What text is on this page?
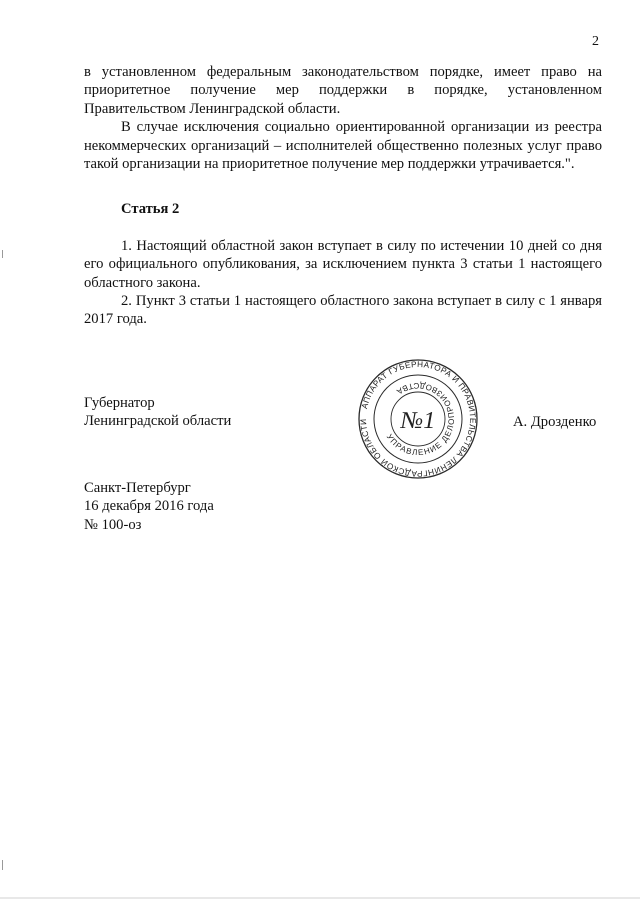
2

в установленном федеральным законодательством порядке, имеет право на приоритетное получение мер поддержки в порядке, установленном Правительством Ленинградской области.

В случае исключения социально ориентированной организации из реестра некоммерческих организаций – исполнителей общественно полезных услуг право такой организации на приоритетное получение мер поддержки утрачивается.".

Статья 2

1. Настоящий областной закон вступает в силу по истечении 10 дней со дня его официального опубликования, за исключением пункта 3 статьи 1 настоящего областного закона.

2. Пункт 3 статьи 1 настоящего областного закона вступает в силу с 1 января 2017 года.

Губернатор
Ленинградской области	А. Дрозденко
АППАРАТ ГУБЕРНАТОРА И ПРАВИТЕЛЬСТВА ЛЕНИНГРАДСКОЙ ОБЛАСТИ
УПРАВЛЕНИЕ ДЕЛОПРОИЗВОДСТВА
№1
Санкт-Петербург
16 декабря 2016 года
№ 100-оз
